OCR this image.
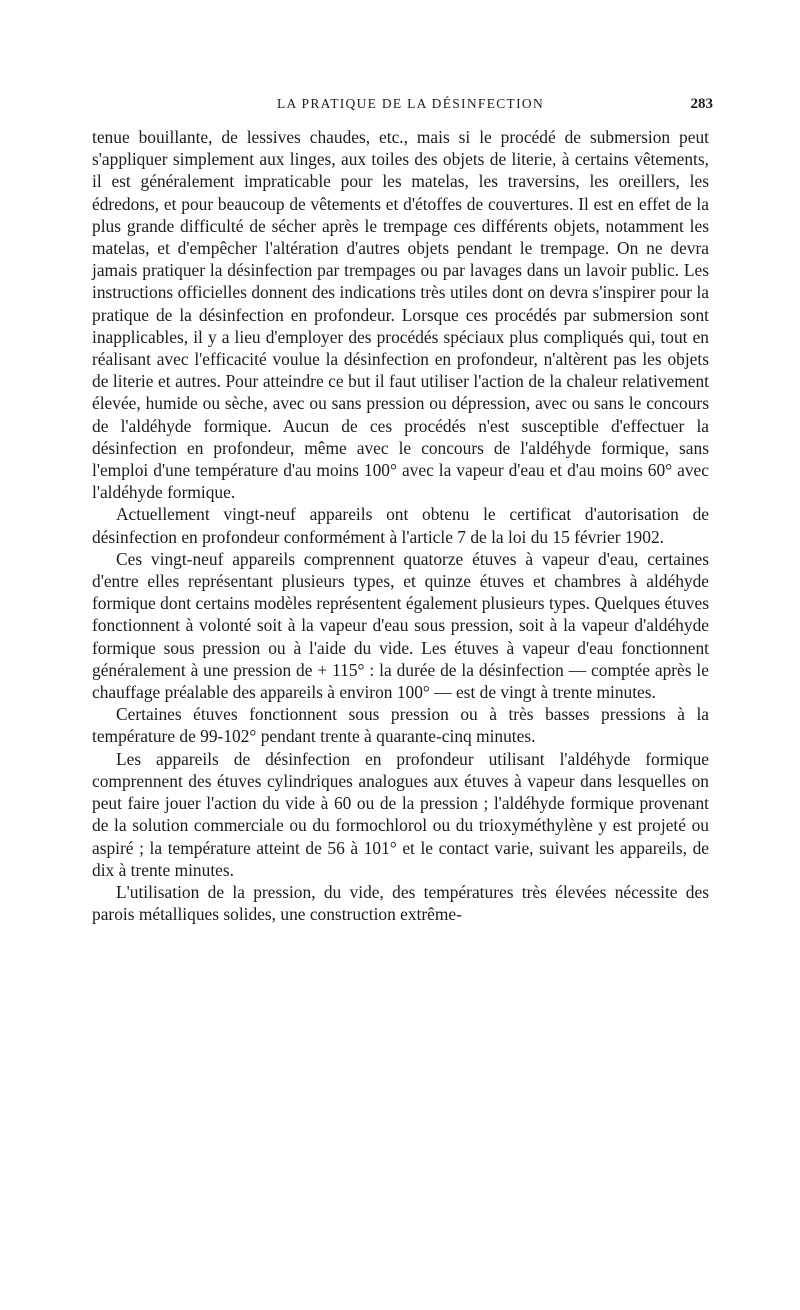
LA PRATIQUE DE LA DÉSINFECTION	283

tenue bouillante, de lessives chaudes, etc., mais si le procédé de submersion peut s'appliquer simplement aux linges, aux toiles des objets de literie, à certains vêtements, il est généralement impraticable pour les matelas, les traversins, les oreillers, les édredons, et pour beaucoup de vêtements et d'étoffes de couvertures. Il est en effet de la plus grande difficulté de sécher après le trempage ces différents objets, notamment les matelas, et d'empêcher l'altération d'autres objets pendant le trempage. On ne devra jamais pratiquer la désinfection par trempages ou par lavages dans un lavoir public. Les instructions officielles donnent des indications très utiles dont on devra s'inspirer pour la pratique de la désinfection en profondeur. Lorsque ces procédés par submersion sont inapplicables, il y a lieu d'employer des procédés spéciaux plus compliqués qui, tout en réalisant avec l'efficacité voulue la désinfection en profondeur, n'altèrent pas les objets de literie et autres. Pour atteindre ce but il faut utiliser l'action de la chaleur relativement élevée, humide ou sèche, avec ou sans pression ou dépression, avec ou sans le concours de l'aldéhyde formique. Aucun de ces procédés n'est susceptible d'effectuer la désinfection en profondeur, même avec le concours de l'aldéhyde formique, sans l'emploi d'une température d'au moins 100° avec la vapeur d'eau et d'au moins 60° avec l'aldéhyde formique.

Actuellement vingt-neuf appareils ont obtenu le certificat d'autorisation de désinfection en profondeur conformément à l'article 7 de la loi du 15 février 1902.

Ces vingt-neuf appareils comprennent quatorze étuves à vapeur d'eau, certaines d'entre elles représentant plusieurs types, et quinze étuves et chambres à aldéhyde formique dont certains modèles représentent également plusieurs types. Quelques étuves fonctionnent à volonté soit à la vapeur d'eau sous pression, soit à la vapeur d'aldéhyde formique sous pression ou à l'aide du vide. Les étuves à vapeur d'eau fonctionnent généralement à une pression de + 115° : la durée de la désinfection — comptée après le chauffage préalable des appareils à environ 100° — est de vingt à trente minutes.

Certaines étuves fonctionnent sous pression ou à très basses pressions à la température de 99-102° pendant trente à quarante-cinq minutes.

Les appareils de désinfection en profondeur utilisant l'aldéhyde formique comprennent des étuves cylindriques analogues aux étuves à vapeur dans lesquelles on peut faire jouer l'action du vide à 60 ou de la pression ; l'aldéhyde formique provenant de la solution commerciale ou du formochlorol ou du trioxyméthylène y est projeté ou aspiré ; la température atteint de 56 à 101° et le contact varie, suivant les appareils, de dix à trente minutes.

L'utilisation de la pression, du vide, des températures très élevées nécessite des parois métalliques solides, une construction extrême-
